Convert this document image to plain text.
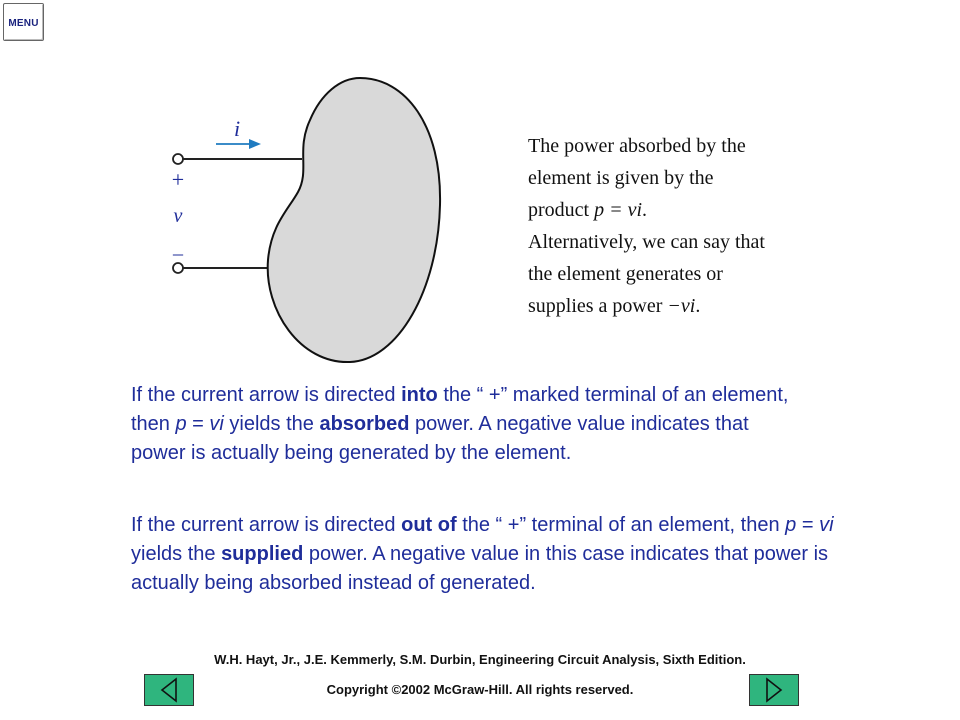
MENU
i
+
v
_
The power absorbed by the
element is given by the
product p = vi.
Alternatively, we can say that
the element generates or
supplies a power −vi.
If the current arrow is directed into the “ +” marked terminal of an element, then p = vi yields the absorbed power. A negative value indicates that power is actually being generated by the element.
If the current arrow is directed out of the “ +” terminal of an element, then p = vi yields the supplied power. A negative value in this case indicates that power is actually being absorbed instead of generated.
W.H. Hayt, Jr., J.E. Kemmerly, S.M. Durbin, Engineering Circuit Analysis, Sixth Edition.
Copyright ©2002 McGraw-Hill. All rights reserved.
